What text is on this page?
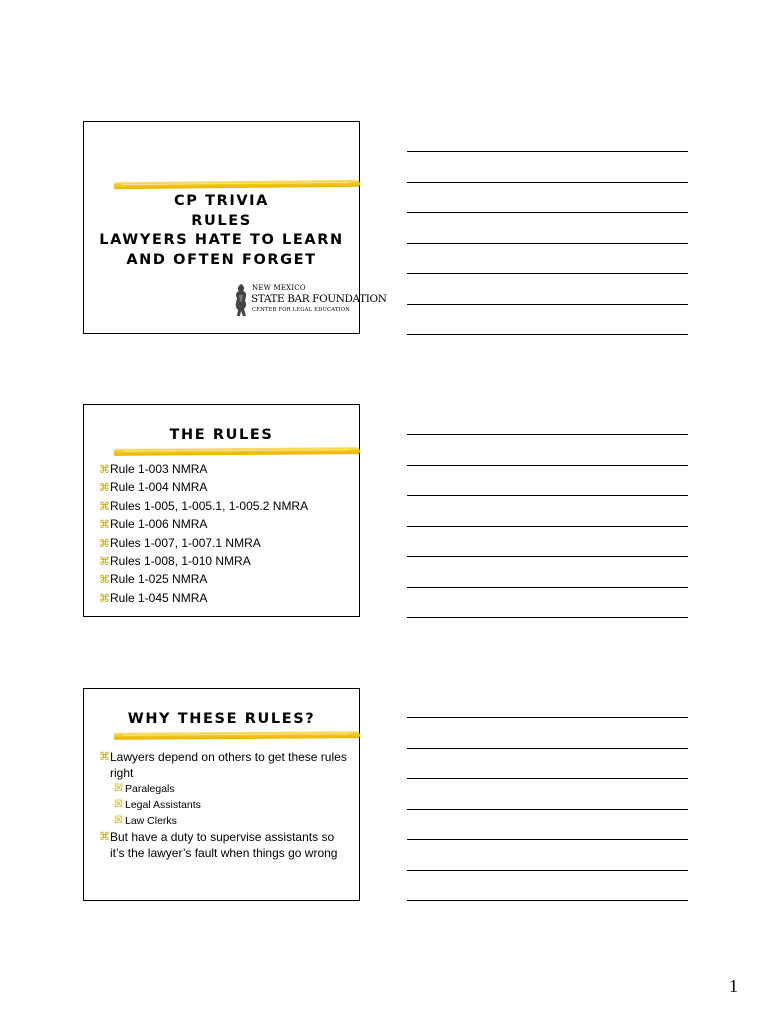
CP TRIVIA
RULES
LAWYERS HATE TO LEARN
AND OFTEN FORGET
NEW MEXICO
STATE BAR FOUNDATION
CENTER FOR LEGAL EDUCATION
THE RULES
⌘Rule 1-003 NMRA
⌘Rule 1-004 NMRA
⌘Rules 1-005, 1-005.1, 1-005.2 NMRA
⌘Rule 1-006 NMRA
⌘Rules 1-007, 1-007.1 NMRA
⌘Rules 1-008, 1-010 NMRA
⌘Rule 1-025 NMRA
⌘Rule 1-045 NMRA
WHY THESE RULES?
⌘ Lawyers depend on others to get these rules right
☒ Paralegals
☒ Legal Assistants
☒ Law Clerks
⌘ But have a duty to supervise assistants so it’s the lawyer’s fault when things go wrong
1
